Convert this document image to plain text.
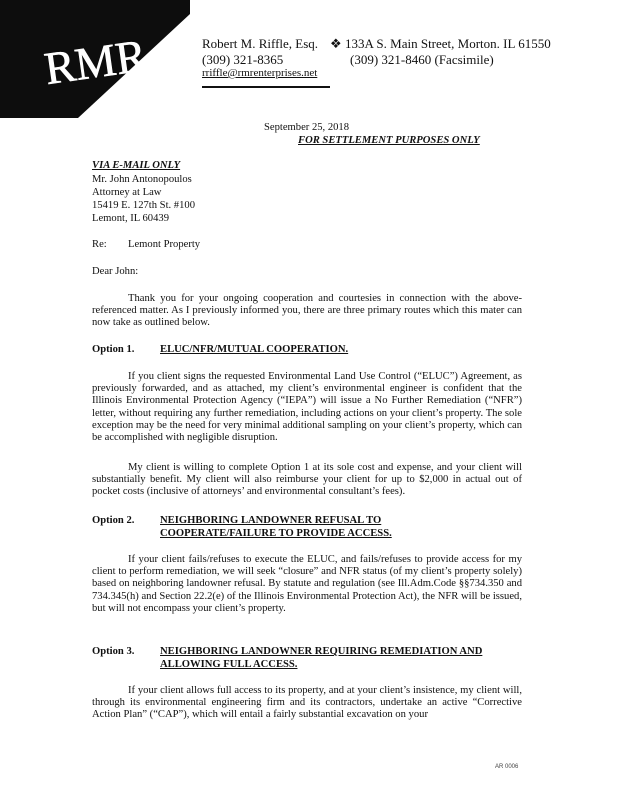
RMR	Robert M. Riffle, Esq. ❖ 133A S. Main Street, Morton. IL 61550
(309) 321-8365	(309) 321-8460 (Facsimile)
rriffle@rmrenterprises.net
September 25, 2018
FOR SETTLEMENT PURPOSES ONLY
VIA E-MAIL ONLY
Mr. John Antonopoulos
Attorney at Law
15419 E. 127th St. #100
Lemont, IL 60439
Re: Lemont Property
Dear John:
Thank you for your ongoing cooperation and courtesies in connection with the above-referenced matter. As I previously informed you, there are three primary routes which this mater can now take as outlined below.
Option 1. ELUC/NFR/MUTUAL COOPERATION.
If you client signs the requested Environmental Land Use Control (“ELUC”) Agreement, as previously forwarded, and as attached, my client’s environmental engineer is confident that the Illinois Environmental Protection Agency (“IEPA”) will issue a No Further Remediation (“NFR”) letter, without requiring any further remediation, including actions on your client’s property. The sole exception may be the need for very minimal additional sampling on your client’s property, which can be accomplished with negligible disruption.
My client is willing to complete Option 1 at its sole cost and expense, and your client will substantially benefit. My client will also reimburse your client for up to $2,000 in actual out of pocket costs (inclusive of attorneys’ and environmental consultant’s fees).
Option 2. NEIGHBORING LANDOWNER REFUSAL TO
COOPERATE/FAILURE TO PROVIDE ACCESS.
If your client fails/refuses to execute the ELUC, and fails/refuses to provide access for my client to perform remediation, we will seek “closure” and NFR status (of my client’s property solely) based on neighboring landowner refusal. By statute and regulation (see Ill.Adm.Code §§734.350 and 734.345(h) and Section 22.2(e) of the Illinois Environmental Protection Act), the NFR will be issued, but will not encompass your client’s property.
Option 3. NEIGHBORING LANDOWNER REQUIRING REMEDIATION AND
ALLOWING FULL ACCESS.
If your client allows full access to its property, and at your client’s insistence, my client will, through its environmental engineering firm and its contractors, undertake an active “Corrective Action Plan” (“CAP”), which will entail a fairly substantial excavation on your
AR 0006
